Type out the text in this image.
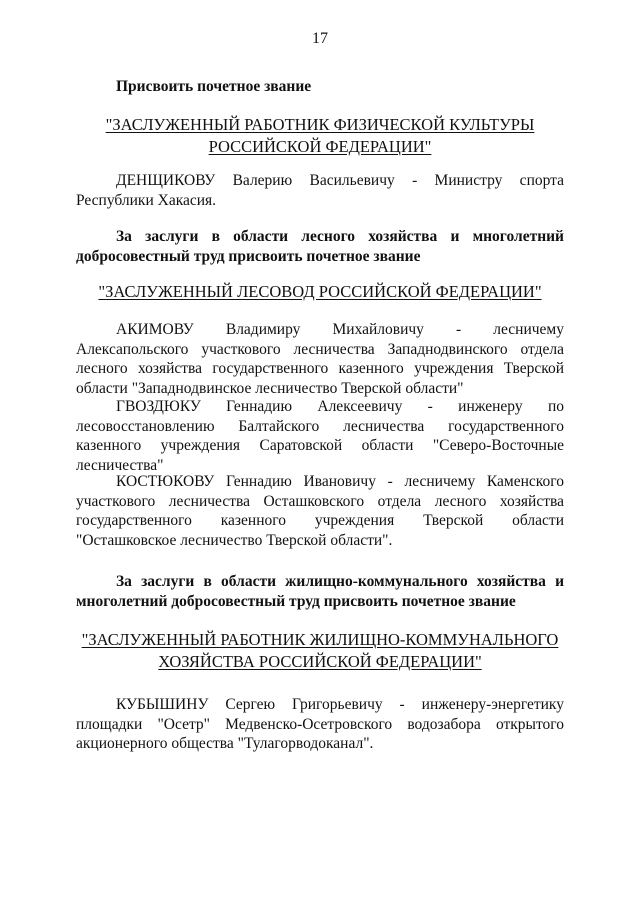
17
Присвоить почетное звание
"ЗАСЛУЖЕННЫЙ РАБОТНИК ФИЗИЧЕСКОЙ КУЛЬТУРЫ
РОССИЙСКОЙ ФЕДЕРАЦИИ"
ДЕНЩИКОВУ Валерию Васильевичу - Министру спорта Республики Хакасия.
За заслуги в области лесного хозяйства и многолетний добросовестный труд присвоить почетное звание
"ЗАСЛУЖЕННЫЙ ЛЕСОВОД РОССИЙСКОЙ ФЕДЕРАЦИИ"
АКИМОВУ Владимиру Михайловичу - лесничему Алексапольского участкового лесничества Западнодвинского отдела лесного хозяйства государственного казенного учреждения Тверской области "Западнодвинское лесничество Тверской области"
ГВОЗДЮКУ Геннадию Алексеевичу - инженеру по лесовосстановлению Балтайского лесничества государственного казенного учреждения Саратовской области "Северо-Восточные лесничества"
КОСТЮКОВУ Геннадию Ивановичу - лесничему Каменского участкового лесничества Осташковского отдела лесного хозяйства государственного казенного учреждения Тверской области "Осташковское лесничество Тверской области".
За заслуги в области жилищно-коммунального хозяйства и многолетний добросовестный труд присвоить почетное звание
"ЗАСЛУЖЕННЫЙ РАБОТНИК ЖИЛИЩНО-КОММУНАЛЬНОГО
ХОЗЯЙСТВА РОССИЙСКОЙ ФЕДЕРАЦИИ"
КУБЫШИНУ Сергею Григорьевичу - инженеру-энергетику площадки "Осетр" Медвенско-Осетровского водозабора открытого акционерного общества "Тулагорводоканал".
